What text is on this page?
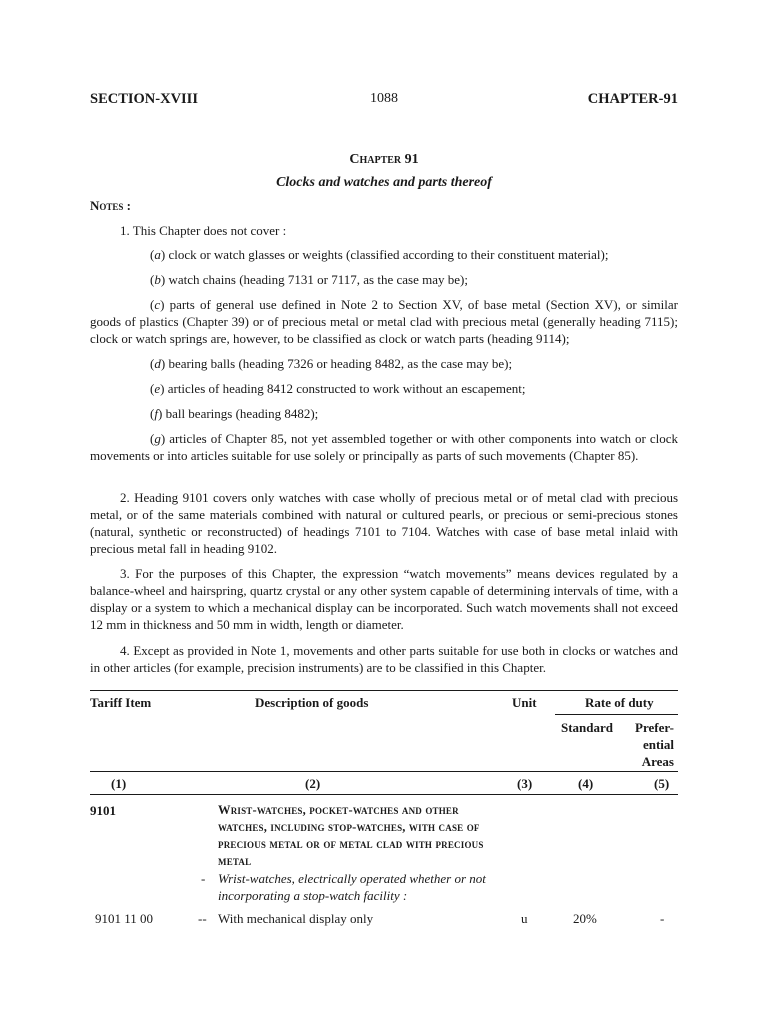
SECTION-XVIII	1088	CHAPTER-91
Chapter 91
Clocks and watches and parts thereof
Notes :
1. This Chapter does not cover :
(a) clock or watch glasses or weights (classified according to their constituent material);
(b) watch chains (heading 7131 or 7117, as the case may be);
(c) parts of general use defined in Note 2 to Section XV, of base metal (Section XV), or similar goods of plastics (Chapter 39) or of precious metal or metal clad with precious metal (generally heading 7115); clock or watch springs are, however, to be classified as clock or watch parts (heading 9114);
(d) bearing balls (heading 7326 or heading 8482, as the case may be);
(e) articles of heading 8412 constructed to work without an escapement;
(f) ball bearings (heading 8482);
(g) articles of Chapter 85, not yet assembled together or with other components into watch or clock movements or into articles suitable for use solely or principally as parts of such movements (Chapter 85).
2. Heading 9101 covers only watches with case wholly of precious metal or of metal clad with precious metal, or of the same materials combined with natural or cultured pearls, or precious or semi-precious stones (natural, synthetic or reconstructed) of headings 7101 to 7104. Watches with case of base metal inlaid with precious metal fall in heading 9102.
3. For the purposes of this Chapter, the expression “watch movements” means devices regulated by a balance-wheel and hairspring, quartz crystal or any other system capable of determining intervals of time, with a display or a system to which a mechanical display can be incorporated. Such watch movements shall not exceed 12 mm in thickness and 50 mm in width, length or diameter.
4. Except as provided in Note 1, movements and other parts suitable for use both in clocks or watches and in other articles (for example, precision instruments) are to be classified in this Chapter.
Tariff Item	Description of goods	Unit	Rate of duty
Standard	Prefer-
ential
Areas
(1)	(2)	(3)	(4)	(5)
9101	Wrist-watches, pocket-watches and other watches, including stop-watches, with case of precious metal or of metal clad with precious metal
- Wrist-watches, electrically operated whether or not incorporating a stop-watch facility :
9101 11 00	-- With mechanical display only	u	20%	-
